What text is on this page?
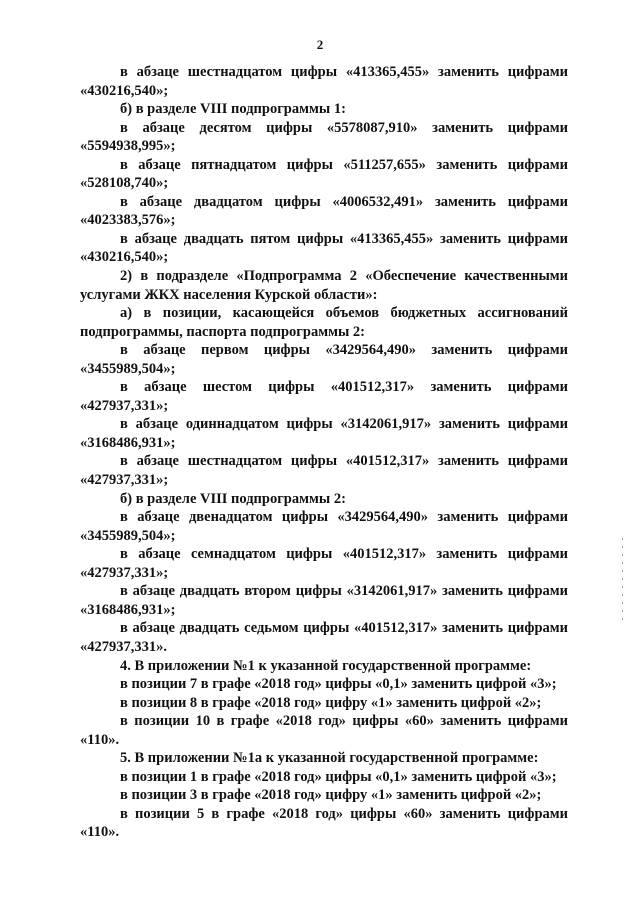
2
в абзаце шестнадцатом цифры «413365,455» заменить цифрами
«430216,540»;
б) в разделе VIII подпрограммы 1:
в абзаце десятом цифры «5578087,910» заменить цифрами
«5594938,995»;
в абзаце пятнадцатом цифры «511257,655» заменить цифрами
«528108,740»;
в абзаце двадцатом цифры «4006532,491» заменить цифрами
«4023383,576»;
в абзаце двадцать пятом цифры «413365,455» заменить цифрами
«430216,540»;
2) в подразделе «Подпрограмма 2 «Обеспечение качественными
услугами ЖКХ населения Курской области»:
а) в позиции, касающейся объемов бюджетных ассигнований
подпрограммы, паспорта подпрограммы 2:
в абзаце первом цифры «3429564,490» заменить цифрами
«3455989,504»;
в абзаце шестом цифры «401512,317» заменить цифрами
«427937,331»;
в абзаце одиннадцатом цифры «3142061,917» заменить цифрами
«3168486,931»;
в абзаце шестнадцатом цифры «401512,317» заменить цифрами
«427937,331»;
б) в разделе VIII подпрограммы 2:
в абзаце двенадцатом цифры «3429564,490» заменить цифрами
«3455989,504»;
в абзаце семнадцатом цифры «401512,317» заменить цифрами
«427937,331»;
в абзаце двадцать втором цифры «3142061,917» заменить цифрами
«3168486,931»;
в абзаце двадцать седьмом цифры «401512,317» заменить цифрами
«427937,331».
4. В приложении №1 к указанной государственной программе:
в позиции 7 в графе «2018 год» цифры «0,1» заменить цифрой «3»;
в позиции 8 в графе «2018 год» цифру «1» заменить цифрой «2»;
в позиции 10 в графе «2018 год» цифры «60» заменить цифрами
«110».
5. В приложении №1а к указанной государственной программе:
в позиции 1 в графе «2018 год» цифры «0,1» заменить цифрой «3»;
в позиции 3 в графе «2018 год» цифру «1» заменить цифрой «2»;
в позиции 5 в графе «2018 год» цифры «60» заменить цифрами
«110».
